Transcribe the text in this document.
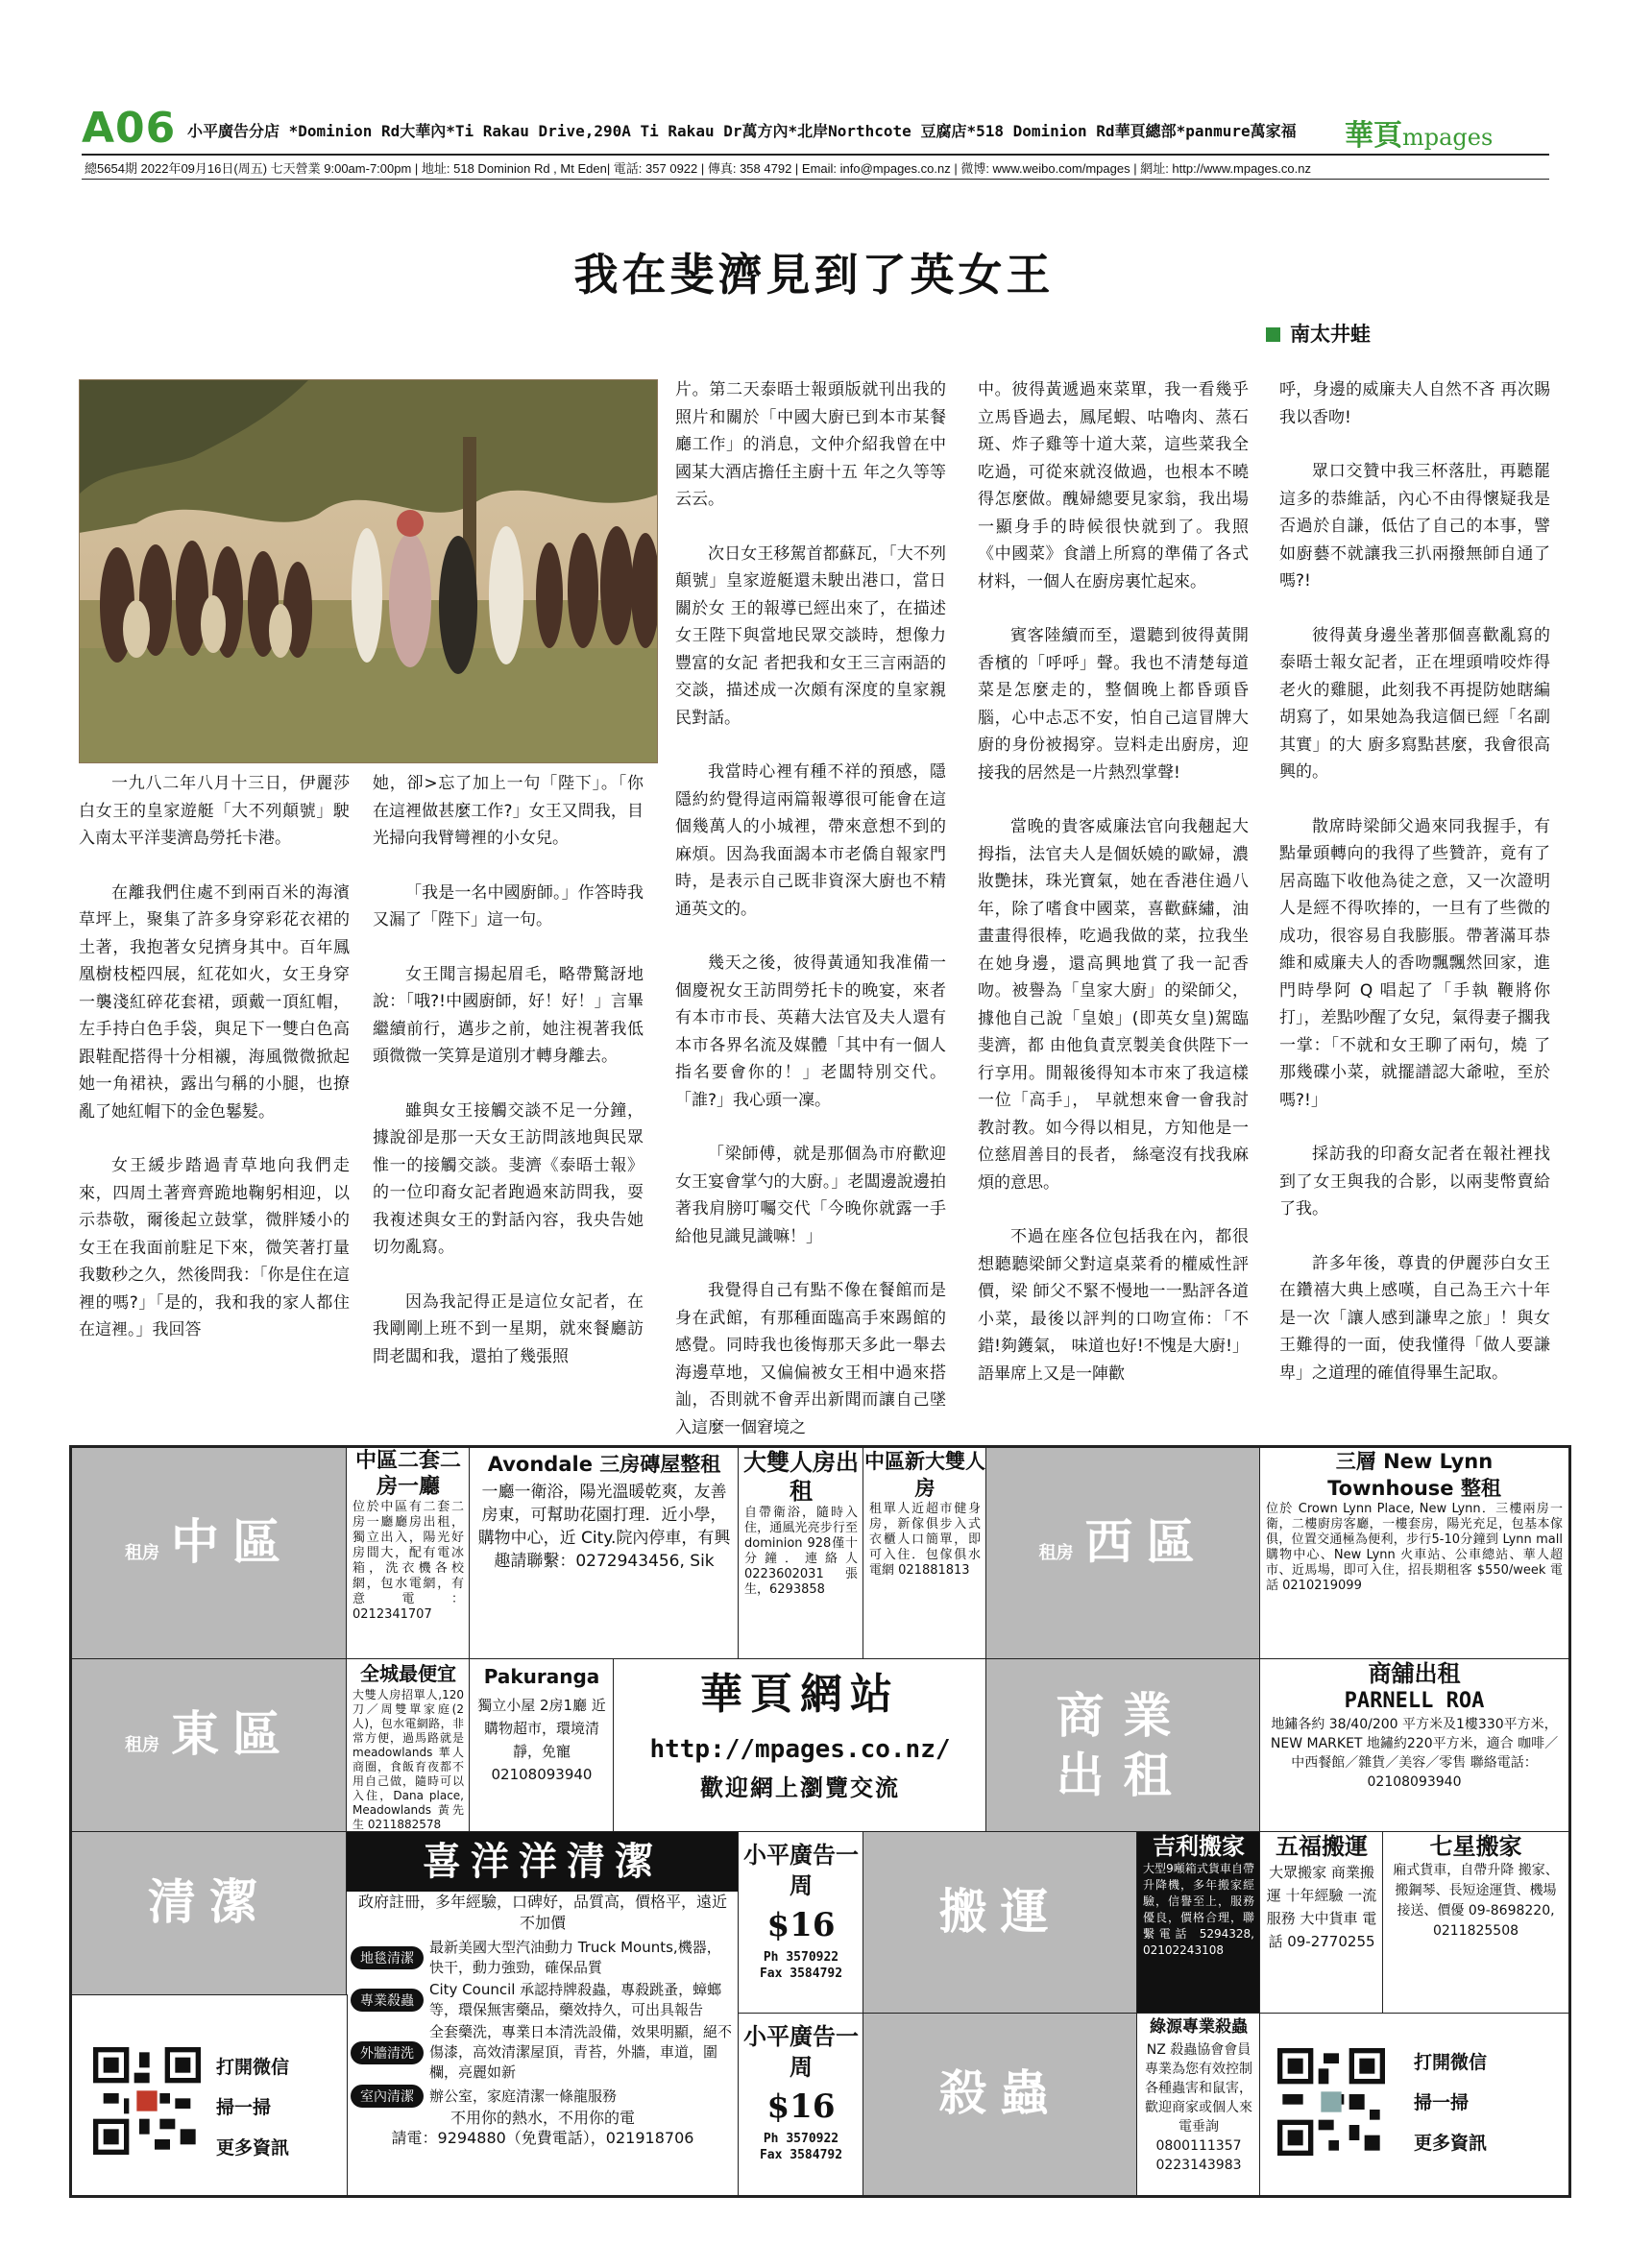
A06 小平廣告分店 *Dominion Rd大華內*Ti Rakau Drive,290A Ti Rakau Dr萬方內*北岸Northcote 豆腐店*518 Dominion Rd華頁總部*panmure萬家福 華頁mpages
總5654期 2022年09月16日(周五) 七天營業 9:00am-7:00pm | 地址: 518 Dominion Rd , Mt Eden| 電話: 357 0922 | 傳真: 358 4792 | Email: info@mpages.co.nz | 微博: www.weibo.com/mpages | 網址: http://www.mpages.co.nz
我在斐濟見到了英女王
南太井蛙

一九八二年八月十三日，伊麗莎白女王的皇家遊艇「大不列顛號」駛入南太平洋斐濟島勞托卡港。

在離我們住處不到兩百米的海濱草坪上，聚集了許多身穿彩花衣裙的土著，我抱著女兒擠身其中。百年鳳凰樹枝椏四展，紅花如火，女王身穿一襲淺紅碎花套裙，頭戴一頂紅帽，左手持白色手袋，與足下一雙白色高跟鞋配搭得十分相襯，海風微微掀起她一角裙袂，露出勻稱的小腿，也撩亂了她紅帽下的金色鬈髮。

女王緩步踏過青草地向我們走來，四周土著齊齊跪地鞠躬相迎，以示恭敬，爾後起立鼓掌，微胖矮小的女王在我面前駐足下來，微笑著打量我數秒之久，然後問我：「你是住在這裡的嗎?」「是的，我和我的家人都住在這裡。」我回答

她，卻>忘了加上一句「陛下」。「你在這裡做甚麼工作?」女王又問我，目光掃向我臂彎裡的小女兒。

「我是一名中國廚師。」作答時我又漏了「陛下」這一句。

女王聞言揚起眉毛，略帶驚訝地說：「哦?!中國廚師，好！好！」言畢繼續前行，邁步之前，她注視著我低頭微微一笑算是道別才轉身離去。

雖與女王接觸交談不足一分鐘，據說卻是那一天女王訪問該地與民眾惟一的接觸交談。斐濟《泰晤士報》的一位印裔女記者跑過來訪問我，耍我複述與女王的對話內容，我央告她切勿亂寫。

因為我記得正是這位女記者，在我剛剛上班不到一星期，就來餐廳訪問老闆和我，還拍了幾張照

片。第二天泰晤士報頭版就刊出我的照片和關於「中國大廚已到本市某餐廳工作」的消息，文仲介紹我曾在中國某大酒店擔任主廚十五 年之久等等云云。

次日女王移駕首都蘇瓦，「大不列顛號」皇家遊艇還未駛出港口，當日關於女 王的報導已經出來了，在描述女王陛下與當地民眾交談時，想像力豐富的女記 者把我和女王三言兩語的交談，描述成一次頗有深度的皇家親民對話。

我當時心裡有種不祥的預感，隱隱約約覺得這兩篇報導很可能會在這個幾萬人的小城裡，帶來意想不到的麻煩。因為我面謁本市老僑自報家門時，是表示自己既非資深大廚也不精通英文的。

幾天之後，彼得黃通知我准備一個慶祝女王訪問勞托卡的晚宴，來者有本市市長、英藉大法官及夫人還有本市各界名流及媒體「其中有一個人指名要會你的！」老闆特別交代。「誰?」我心頭一凜。

「梁師傅，就是那個為市府歡迎女王宴會掌勺的大廚。」老闆邊說邊拍著我肩膀叮囑交代「今晚你就露一手給他見識見識嘛！」

我覺得自己有點不像在餐館而是身在武館，有那種面臨高手來踢館的感覺。同時我也後悔那天多此一舉去海邊草地，又偏偏被女王相中過來搭訕，否則就不會弄出新聞而讓自己墜入這麼一個窘境之

中。彼得黃遞過來菜單，我一看幾乎立馬昏過去，鳳尾蝦、咕嚕肉、蒸石斑、炸子雞等十道大菜，這些菜我全吃過，可從來就沒做過，也根本不曉得怎麼做。醜婦總要見家翁，我出場一顯身手的時候很快就到了。我照《中國菜》食譜上所寫的準備了各式材料，一個人在廚房裏忙起來。

賓客陸續而至，還聽到彼得黃開香檳的「呼呼」聲。我也不清楚每道菜是怎麼走的，整個晚上都昏頭昏腦，心中忐忑不安，怕自己這冒牌大廚的身份被揭穿。豈料走出廚房，迎接我的居然是一片熱烈掌聲!

當晚的貴客威廉法官向我翹起大拇指，法官夫人是個妖嬈的歐婦，濃妝艷抹，珠光寶氣，她在香港住過八年，除了嗜食中國菜，喜歡蘇繡，油畫畫得很棒，吃過我做的菜，拉我坐在她身邊，還高興地賞了我一記香吻。被譽為「皇家大廚」的梁師父，據他自己說「皇娘」(即英女皇)駕臨斐濟，都 由他負責烹製美食供陛下一行享用。閒報後得知本市來了我這樣一位「高手」， 早就想來會一會我討教討教。如今得以相見，方知他是一位慈眉善目的長者， 絲毫沒有找我麻煩的意思。

不過在座各位包括我在內，都很想聽聽梁師父對這桌菜肴的權威性評價，梁 師父不緊不慢地一一點評各道小菜，最後以評判的口吻宣佈：「不錯!夠鑊氣， 味道也好!不愧是大廚!」語畢席上又是一陣歡

呼，身邊的威廉夫人自然不吝 再次賜我以香吻!

眾口交贊中我三杯落肚，再聽罷這多的恭維話，內心不由得懷疑我是否過於自謙，低估了自己的本事，譬如廚藝不就讓我三扒兩撥無師自通了嗎?!

彼得黃身邊坐著那個喜歡亂寫的泰晤士報女記者，正在埋頭啃咬炸得老火的雞腿，此刻我不再提防她瞎編胡寫了，如果她為我這個已經「名副其實」的大 廚多寫點甚麼，我會很高興的。

散席時梁師父過來同我握手，有點暈頭轉向的我得了些贊許，竟有了居高臨下收他為徒之意，又一次證明人是經不得吹捧的，一旦有了些微的成功，很容易自我膨脹。帶著滿耳恭維和威廉夫人的香吻飄飄然回家，進門時學阿 Q 唱起了「手執 鞭將你打」，差點吵醒了女兒，氣得妻子擱我一掌：「不就和女王聊了兩句，燒 了那幾碟小菜，就擺譜認大爺啦，至於嗎?!」

採訪我的印裔女記者在報社裡找到了女王與我的合影，以兩斐幣賣給了我。

許多年後，尊貴的伊麗莎白女王在鑽禧大典上感嘆，自己為王六十年是一次「讓人感到謙卑之旅」！與女王難得的一面，使我懂得「做人要謙卑」之道理的確值得畢生記取。

租房 中區
中區二套二房一廳
位於中區有二套二房一廳廳房出租，獨立出入，陽光好房間大，配有電冰箱，洗衣機各校網，包水電網，有意電：0212341707
Avondale 三房磚屋整租
一廳一衛浴，陽光溫暖乾爽，友善房東，可幫助花園打理．近小學，購物中心，近 City.院內停車，有興趣請聯繫：0272943456, Sik
大雙人房出租
自帶衛浴，隨時入住，通風光亮步行至 dominion 928僅十分鐘．連絡人0223602031 張生，6293858
中區新大雙人房
租單人近超市健身房，新傢俱步入式衣櫃人口簡單，即可入住．包傢俱水電網 021881813
租房 西區
三層 New Lynn Townhouse 整租
位於 Crown Lynn Place, New Lynn．三樓兩房一衛，二樓廚房客廳，一樓套房，陽光充足，包基本傢俱，位置交通極為便利，步行5-10分鐘到 Lynn mall 購物中心、New Lynn 火車站、公車總站、華人超市、近馬場，即可入住，招長期租客 $550/week 電話 0210219099
租房 東區
全城最便宜
大雙人房招單人,120刀／周雙單家庭(2人)，包水電網路，非常方便，過馬路就是 meadowlands 華人商圈，食飯育夜都不用自己做，隨時可以入住，Dana place, Meadowlands 黃先生 0211882578
Pakuranga
獨立小屋 2房1廳 近購物超市，環境清靜，免寵 02108093940
華頁網站
http://mpages.co.nz/
歡迎網上瀏覽交流
商業出租
商舖出租
PARNELL ROA
地鏽各約 38/40/200 平方米及1樓330平方米，NEW MARKET 地鏽約220平方米，適合 咖啡／中西餐館／雜貨／美容／零售 聯絡電話：02108093940
清潔
喜洋洋清潔
政府註冊，多年經驗，口碑好，品質高，價格平，遠近不加價
地毯清潔
最新美國大型汽油動力 Truck Mounts,機器，快干，動力強勁，確保品質
專業殺蟲
City Council 承認持牌殺蟲，專殺跳蚤，蟑螂等，環保無害藥品，藥效持久，可出具報告
外牆清洗
全套藥洗，專業日本清洗設備，效果明顯，絕不傷漆，高效清潔屋頂，青苔，外牆，車道，圍欄，亮麗如新
室內清潔	辦公室，家庭清潔一條龍服務
不用你的熱水，不用你的電
請電：9294880（免費電話），021918706
小平廣告一周
$16
Ph 3570922
Fax 3584792
搬運
吉利搬家
大型9噸箱式貨車自帶升降機，多年搬家經驗，信譽至上，服務優良，價格合理，聯繫電話 5294328, 02102243108
五福搬運
大眾搬家 商業搬運 十年經驗 一流服務 大中貨車 電話 09-2770255
七星搬家
廂式貨車，自帶升降 搬家、搬鋼琴、長短途運貨、機場接送、價優 09-8698220, 0211825508
打開微信
掃一掃
更多資訊
小平廣告一周
$16
Ph 3570922
Fax 3584792
殺蟲
綠源專業殺蟲
NZ 殺蟲協會會員專業為您有效控制各種蟲害和鼠害，歡迎商家或個人來電垂詢 0800111357 0223143983
打開微信
掃一掃
更多資訊
